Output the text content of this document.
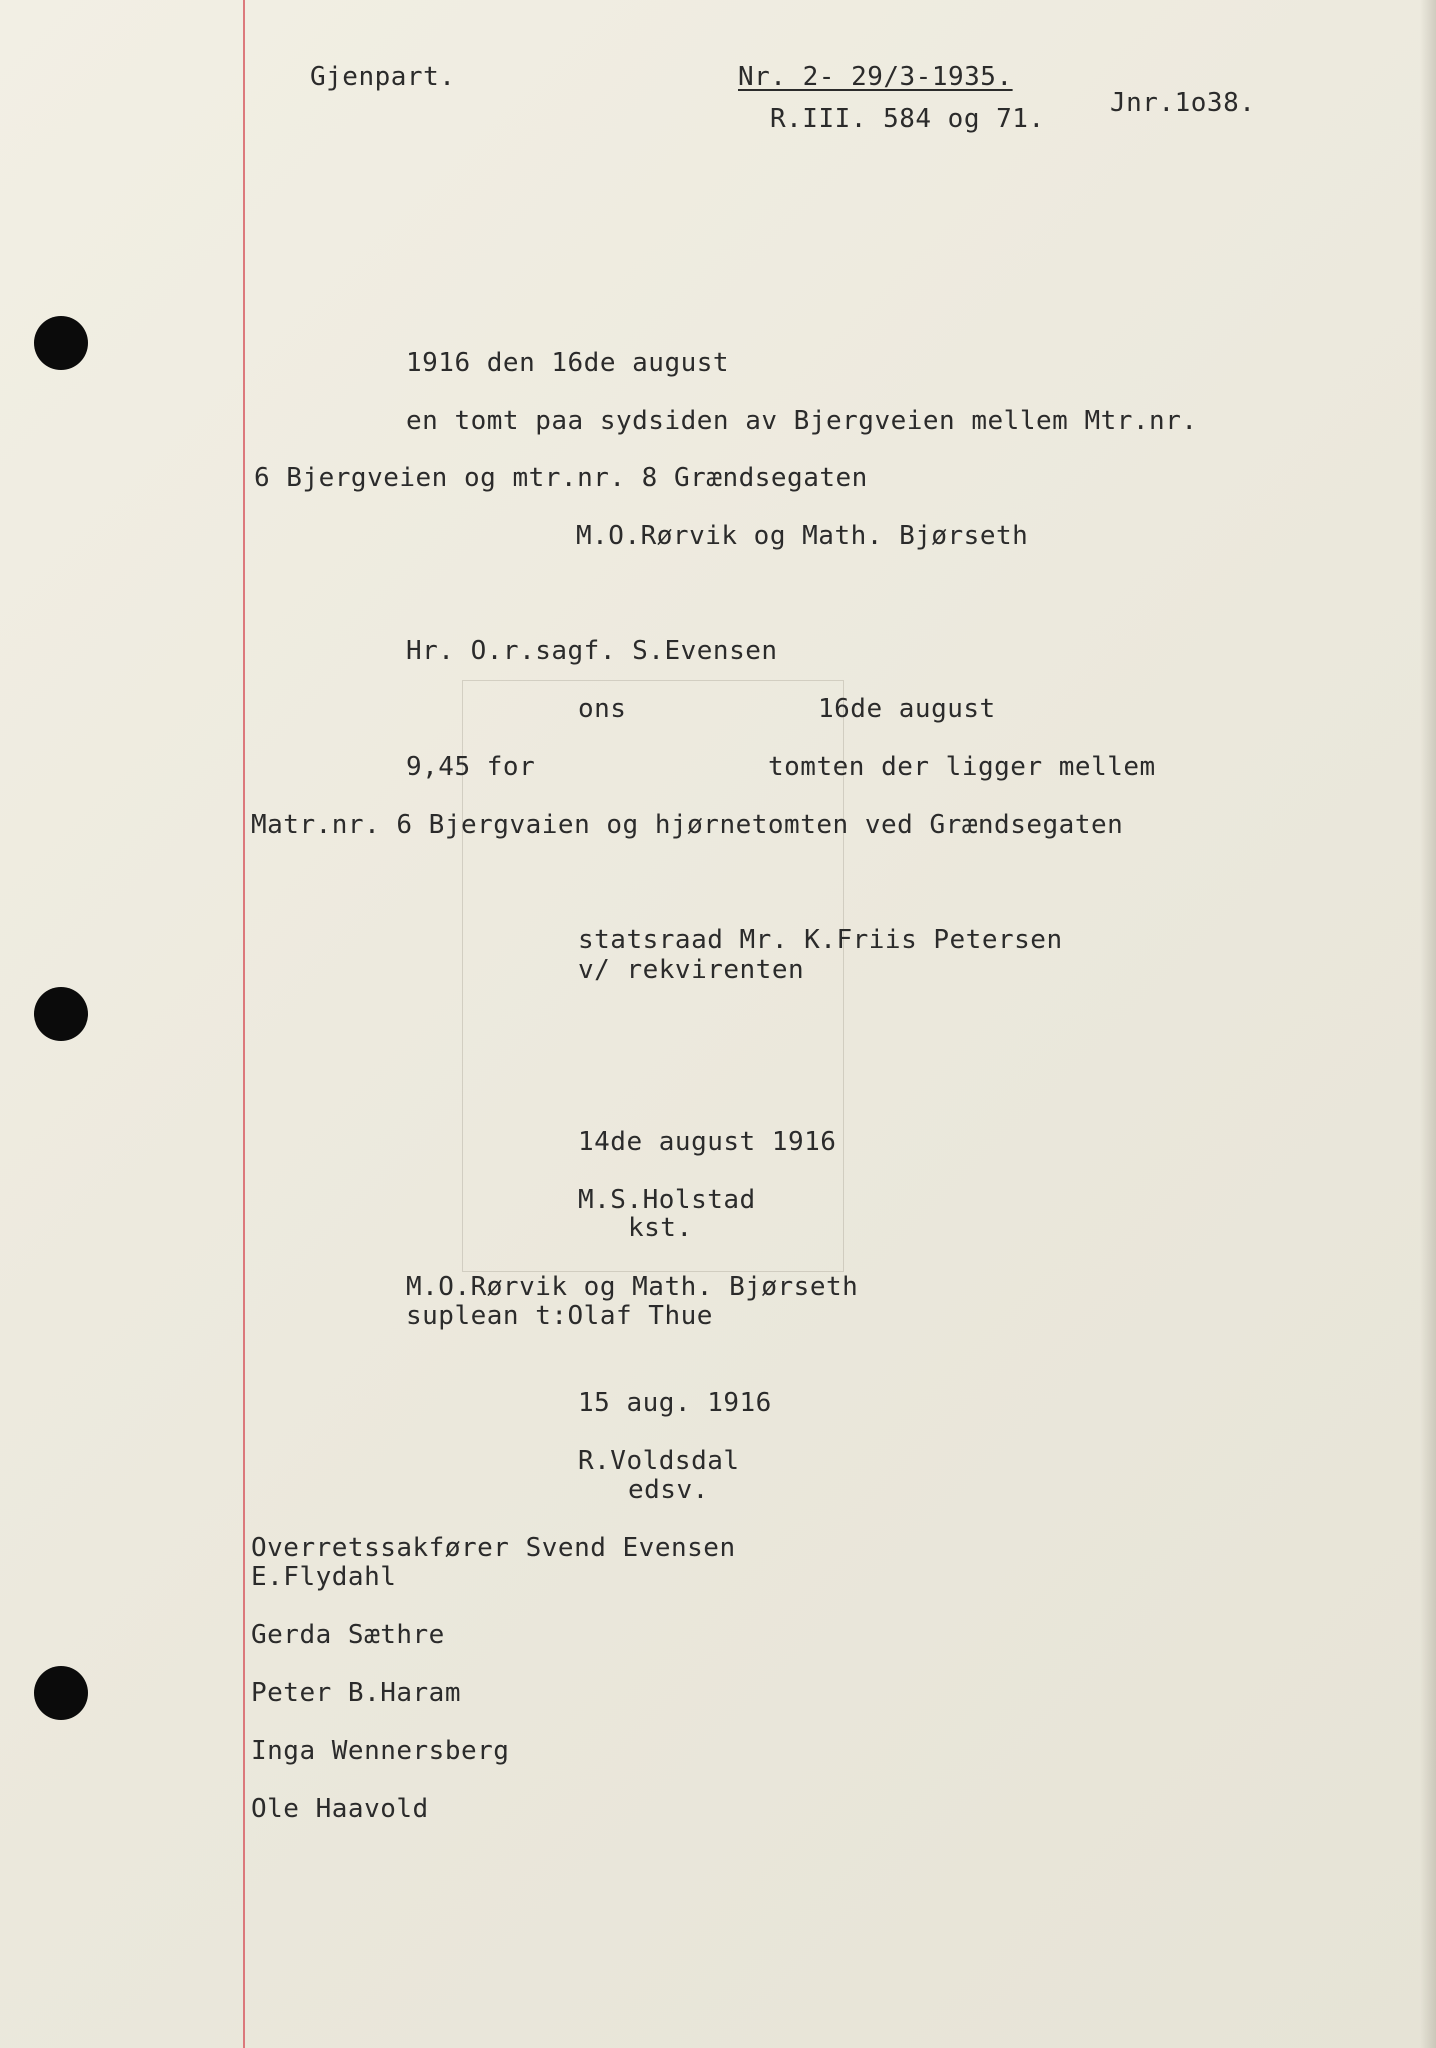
Gjenpart.	Nr. 2- 29/3-1935.

R.III. 584 og 71.

Jnr.1o38.

1916 den 16de august

en tomt paa sydsiden av Bjergveien mellem Mtr.nr.

6 Bjergveien og mtr.nr. 8 Grændsegaten

M.O.Rørvik og Math. Bjørseth

Hr. O.r.sagf. S.Evensen

ons	16de august

9,45 for	tomten der ligger mellem

Matr.nr. 6 Bjergvaien og hjørnetomten ved Grændsegaten

statsraad Mr. K.Friis Petersen

v/ rekvirenten

14de august 1916

M.S.Holstad

kst.

M.O.Rørvik og Math. Bjørseth

suplean t:Olaf Thue

15 aug. 1916

R.Voldsdal

edsv.

Overretssakfører Svend Evensen

E.Flydahl

Gerda Sæthre

Peter B.Haram

Inga Wennersberg

Ole Haavold
